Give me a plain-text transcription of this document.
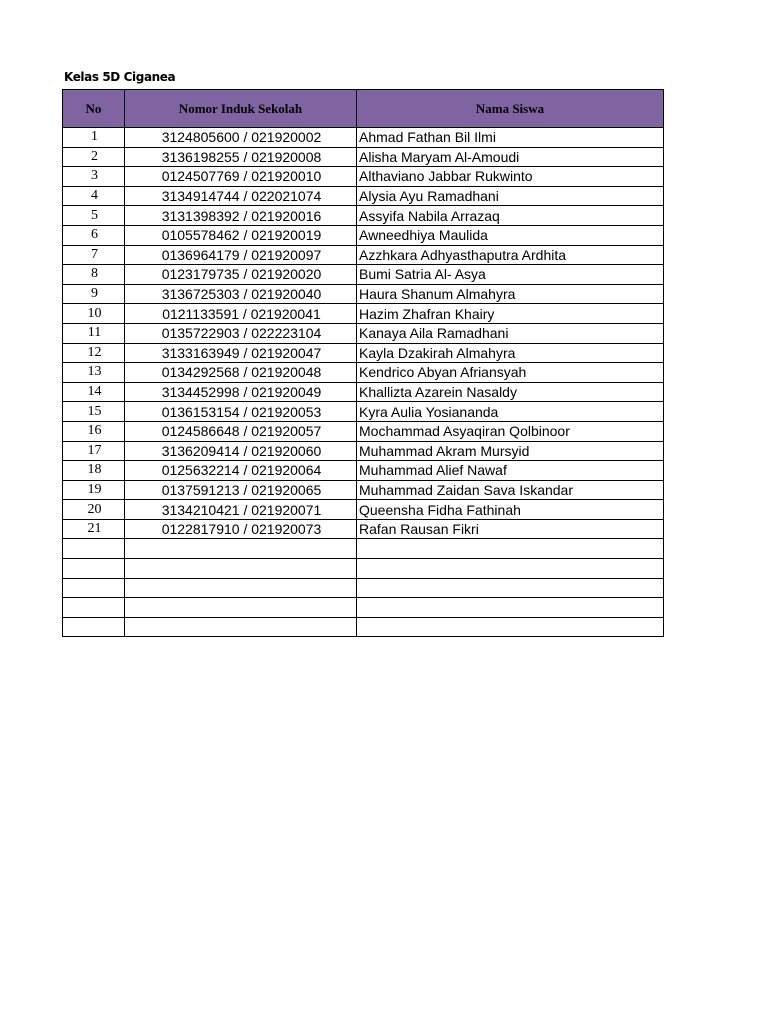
Kelas 5D Ciganea
No	Nomor Induk Sekolah	Nama Siswa
1	3124805600 / 021920002	Ahmad Fathan Bil Ilmi
2	3136198255 / 021920008	Alisha Maryam Al-Amoudi
3	0124507769 / 021920010	Althaviano Jabbar Rukwinto
4	3134914744 / 022021074	Alysia Ayu Ramadhani
5	3131398392 / 021920016	Assyifa Nabila Arrazaq
6	0105578462 / 021920019	Awneedhiya Maulida
7	0136964179 / 021920097	Azzhkara Adhyasthaputra Ardhita
8	0123179735 / 021920020	Bumi Satria Al- Asya
9	3136725303 / 021920040	Haura Shanum Almahyra
10	0121133591 / 021920041	Hazim Zhafran Khairy
11	0135722903 / 022223104	Kanaya Aila Ramadhani
12	3133163949 / 021920047	Kayla Dzakirah Almahyra
13	0134292568 / 021920048	Kendrico Abyan Afriansyah
14	3134452998 / 021920049	Khallizta Azarein Nasaldy
15	0136153154 / 021920053	Kyra Aulia Yosiananda
16	0124586648 / 021920057	Mochammad Asyaqiran Qolbinoor
17	3136209414 / 021920060	Muhammad Akram Mursyid
18	0125632214 / 021920064	Muhammad Alief Nawaf
19	0137591213 / 021920065	Muhammad Zaidan Sava Iskandar
20	3134210421 / 021920071	Queensha Fidha Fathinah
21	0122817910 / 021920073	Rafan Rausan Fikri
